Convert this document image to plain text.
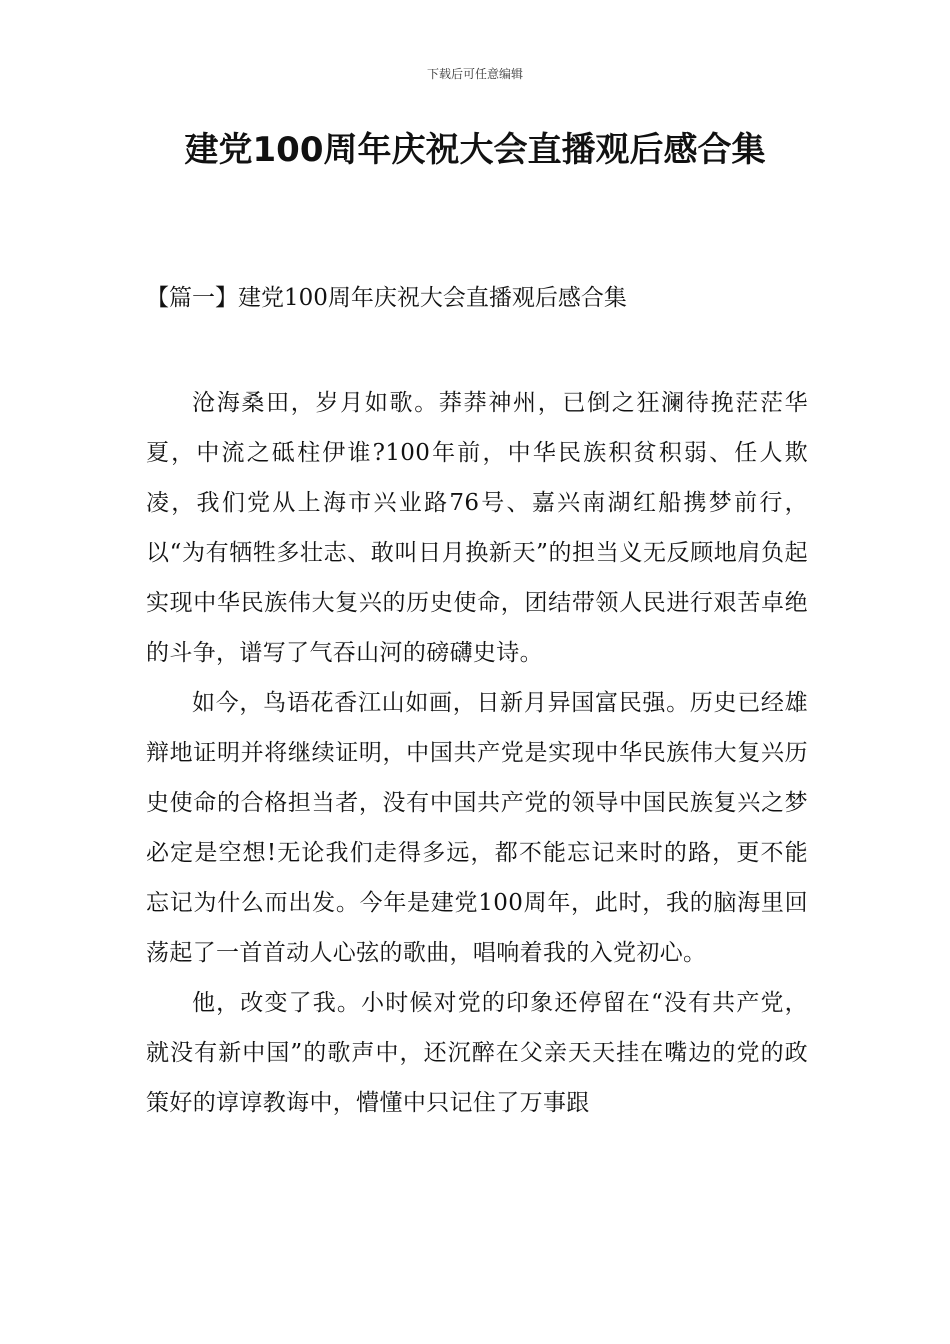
下载后可任意编辑
建党100周年庆祝大会直播观后感合集
【篇一】建党100周年庆祝大会直播观后感合集

沧海桑田，岁月如歌。莽莽神州，已倒之狂澜待挽茫茫华夏，中流之砥柱伊谁?100年前，中华民族积贫积弱、任人欺凌，我们党从上海市兴业路76号、嘉兴南湖红船携梦前行，以“为有牺牲多壮志、敢叫日月换新天”的担当义无反顾地肩负起实现中华民族伟大复兴的历史使命，团结带领人民进行艰苦卓绝的斗争，谱写了气吞山河的磅礴史诗。

如今，鸟语花香江山如画，日新月异国富民强。历史已经雄辩地证明并将继续证明，中国共产党是实现中华民族伟大复兴历史使命的合格担当者，没有中国共产党的领导中国民族复兴之梦必定是空想!无论我们走得多远，都不能忘记来时的路，更不能忘记为什么而出发。今年是建党100周年，此时，我的脑海里回荡起了一首首动人心弦的歌曲，唱响着我的入党初心。

他，改变了我。小时候对党的印象还停留在“没有共产党，就没有新中国”的歌声中，还沉醉在父亲天天挂在嘴边的党的政策好的谆谆教诲中，懵懂中只记住了万事跟
